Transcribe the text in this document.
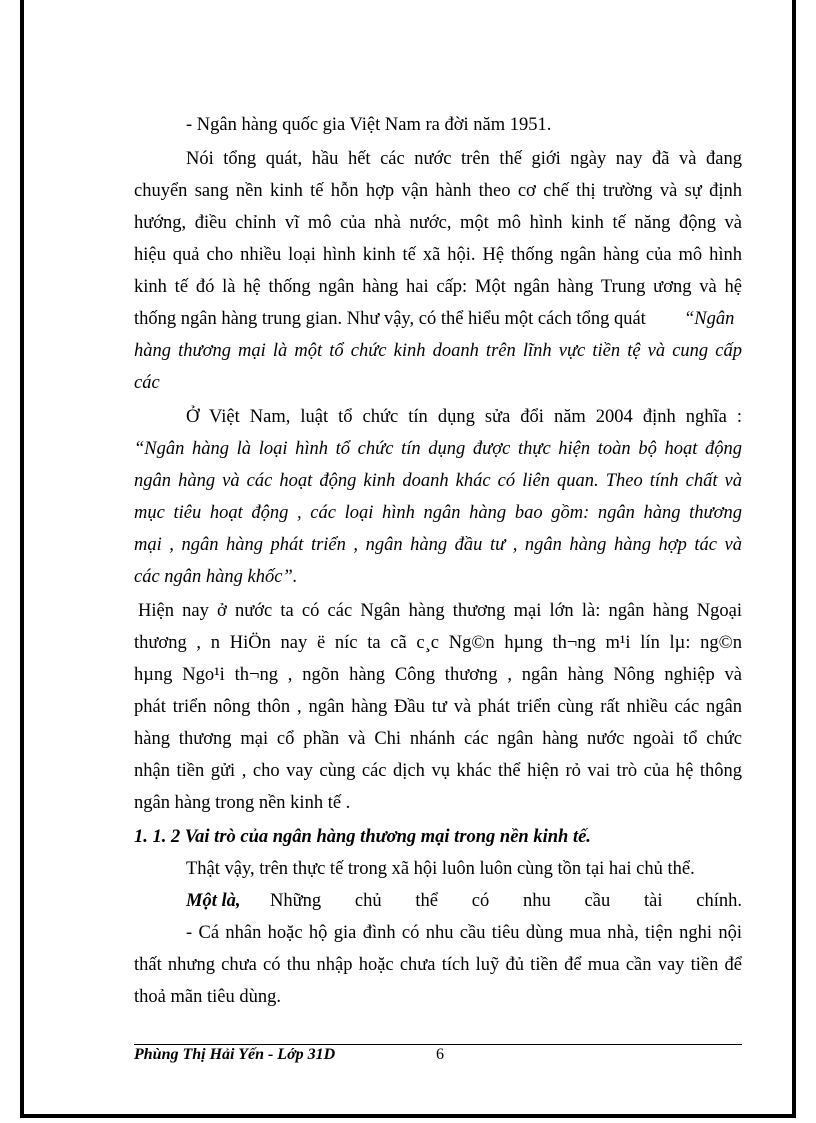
- Ngân hàng quốc gia Việt Nam ra đời năm 1951.
Nói tổng quát, hầu hết các nước trên thế giới ngày nay đã và đang
chuyển sang nền kinh tế hỗn hợp vận hành theo cơ chế thị trường và sự định
hướng, điều chỉnh vĩ mô của nhà nước, một mô hình kinh tế năng động và
hiệu quả cho nhiều loại hình kinh tế xã hội. Hệ thống ngân hàng của mô hình
kinh tế đó là hệ thống ngân hàng hai cấp: Một ngân hàng Trung ương và hệ
thống ngân hàng trung gian. Như vậy, có thể hiểu một cách tổng quát “Ngân
hàng thương mại là một tổ chức kinh doanh trên lĩnh vực tiền tệ và cung cấp
các
Ở Việt Nam, luật tổ chức tín dụng sửa đổi năm 2004 định nghĩa :
“Ngân hàng là loại hình tổ chức tín dụng được thực hiện toàn bộ hoạt động
ngân hàng và các hoạt động kinh doanh khác có liên quan. Theo tính chất và
mục tiêu hoạt động , các loại hình ngân hàng bao gồm: ngân hàng thương
mại , ngân hàng phát triển , ngân hàng đầu tư , ngân hàng hàng hợp tác và
các ngân hàng khốc”.
Hiện nay ở nước ta có các Ngân hàng thương mại lớn là: ngân hàng Ngoại
thương , n HiÖn nay ë níc ta cã c¸c Ng©n hµng th¬ng m¹i lín lµ: ng©n
hµng Ngo¹i th¬ng , ngõn hàng Công thương , ngân hàng Nông nghiệp và
phát triển nông thôn , ngân hàng Đầu tư và phát triển cùng rất nhiều các ngân
hàng thương mại cổ phần và Chi nhánh các ngân hàng nước ngoài tổ chức
nhận tiền gửi , cho vay cùng các dịch vụ khác thể hiện rỏ vai trò của hệ thông
ngân hàng trong nền kinh tế .
1. 1. 2 Vai trò của ngân hàng thương mại trong nền kinh tế.
Thật vậy, trên thực tế trong xã hội luôn luôn cùng tồn tại hai chủ thể.
Một là, Những chủ thể có nhu cầu tài chính.
- Cá nhân hoặc hộ gia đình có nhu cầu tiêu dùng mua nhà, tiện nghi nội
thất nhưng chưa có thu nhập hoặc chưa tích luỹ đủ tiền để mua cần vay tiền để
thoả mãn tiêu dùng.
Phùng Thị Hải Yến - Lớp 31D	6
